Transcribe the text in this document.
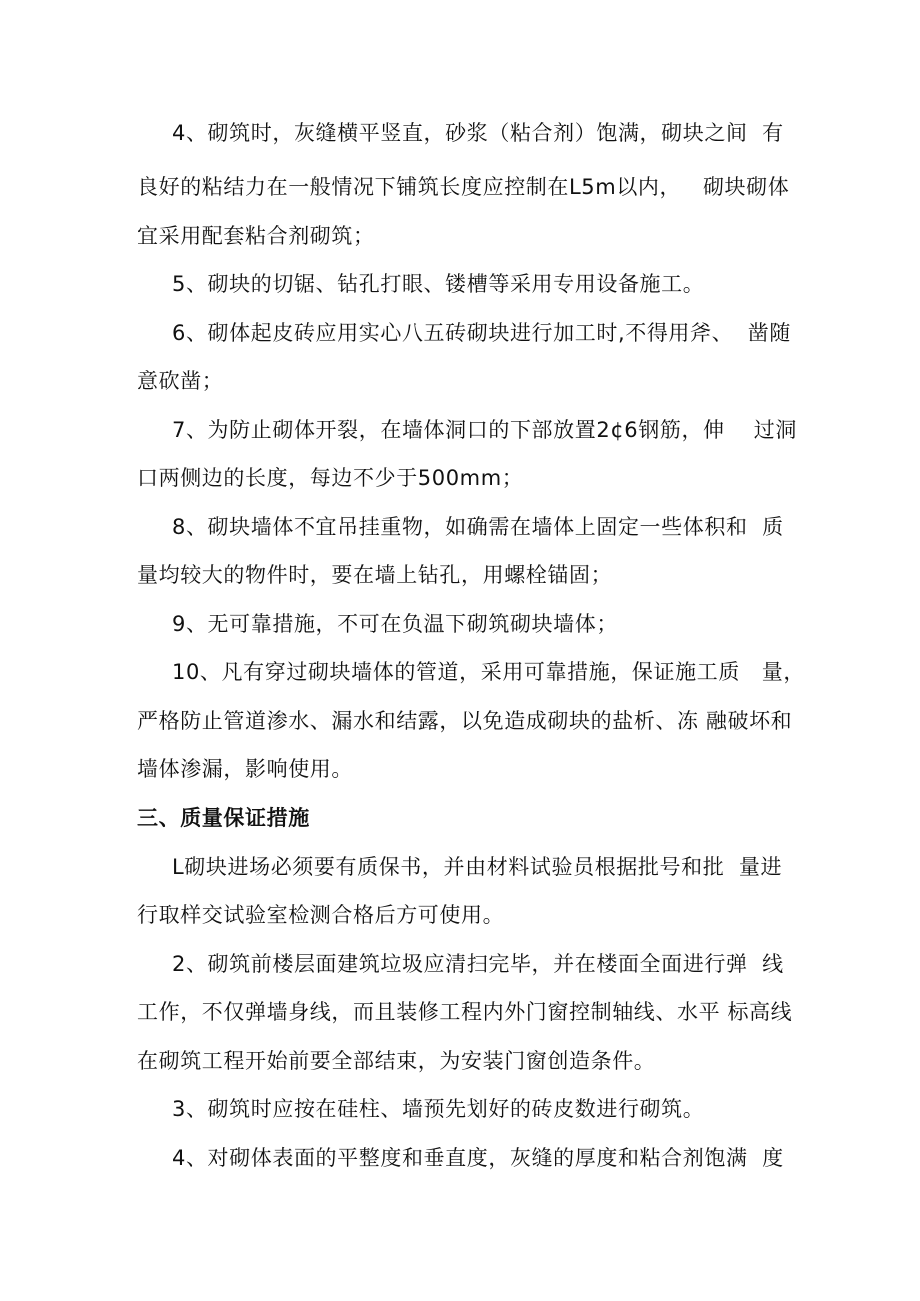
4、砌筑时，灰缝横平竖直，砂浆（粘合剂）饱满，砌块之间  有
良好的粘结力在一般情况下铺筑长度应控制在L5m以内，   砌块砌体
宜采用配套粘合剂砌筑；
5、砌块的切锯、钻孔打眼、镂槽等采用专用设备施工。
6、砌体起皮砖应用实心八五砖砌块进行加工时,不得用斧、  凿随
意砍凿；
7、为防止砌体开裂，在墙体洞口的下部放置2¢6钢筋，伸    过洞
口两侧边的长度，每边不少于500mm；
8、砌块墙体不宜吊挂重物，如确需在墙体上固定一些体积和  质
量均较大的物件时，要在墙上钻孔，用螺栓锚固；
9、无可靠措施，不可在负温下砌筑砌块墙体；
10、凡有穿过砌块墙体的管道，采用可靠措施，保证施工质   量，
严格防止管道渗水、漏水和结露，以免造成砌块的盐析、冻 融破坏和
墙体渗漏，影响使用。
三、质量保证措施
L砌块进场必须要有质保书，并由材料试验员根据批号和批  量进
行取样交试验室检测合格后方可使用。
2、砌筑前楼层面建筑垃圾应清扫完毕，并在楼面全面进行弹  线
工作，不仅弹墙身线，而且装修工程内外门窗控制轴线、水平 标高线
在砌筑工程开始前要全部结束，为安装门窗创造条件。
3、砌筑时应按在硅柱、墙预先划好的砖皮数进行砌筑。
4、对砌体表面的平整度和垂直度，灰缝的厚度和粘合剂饱满  度
